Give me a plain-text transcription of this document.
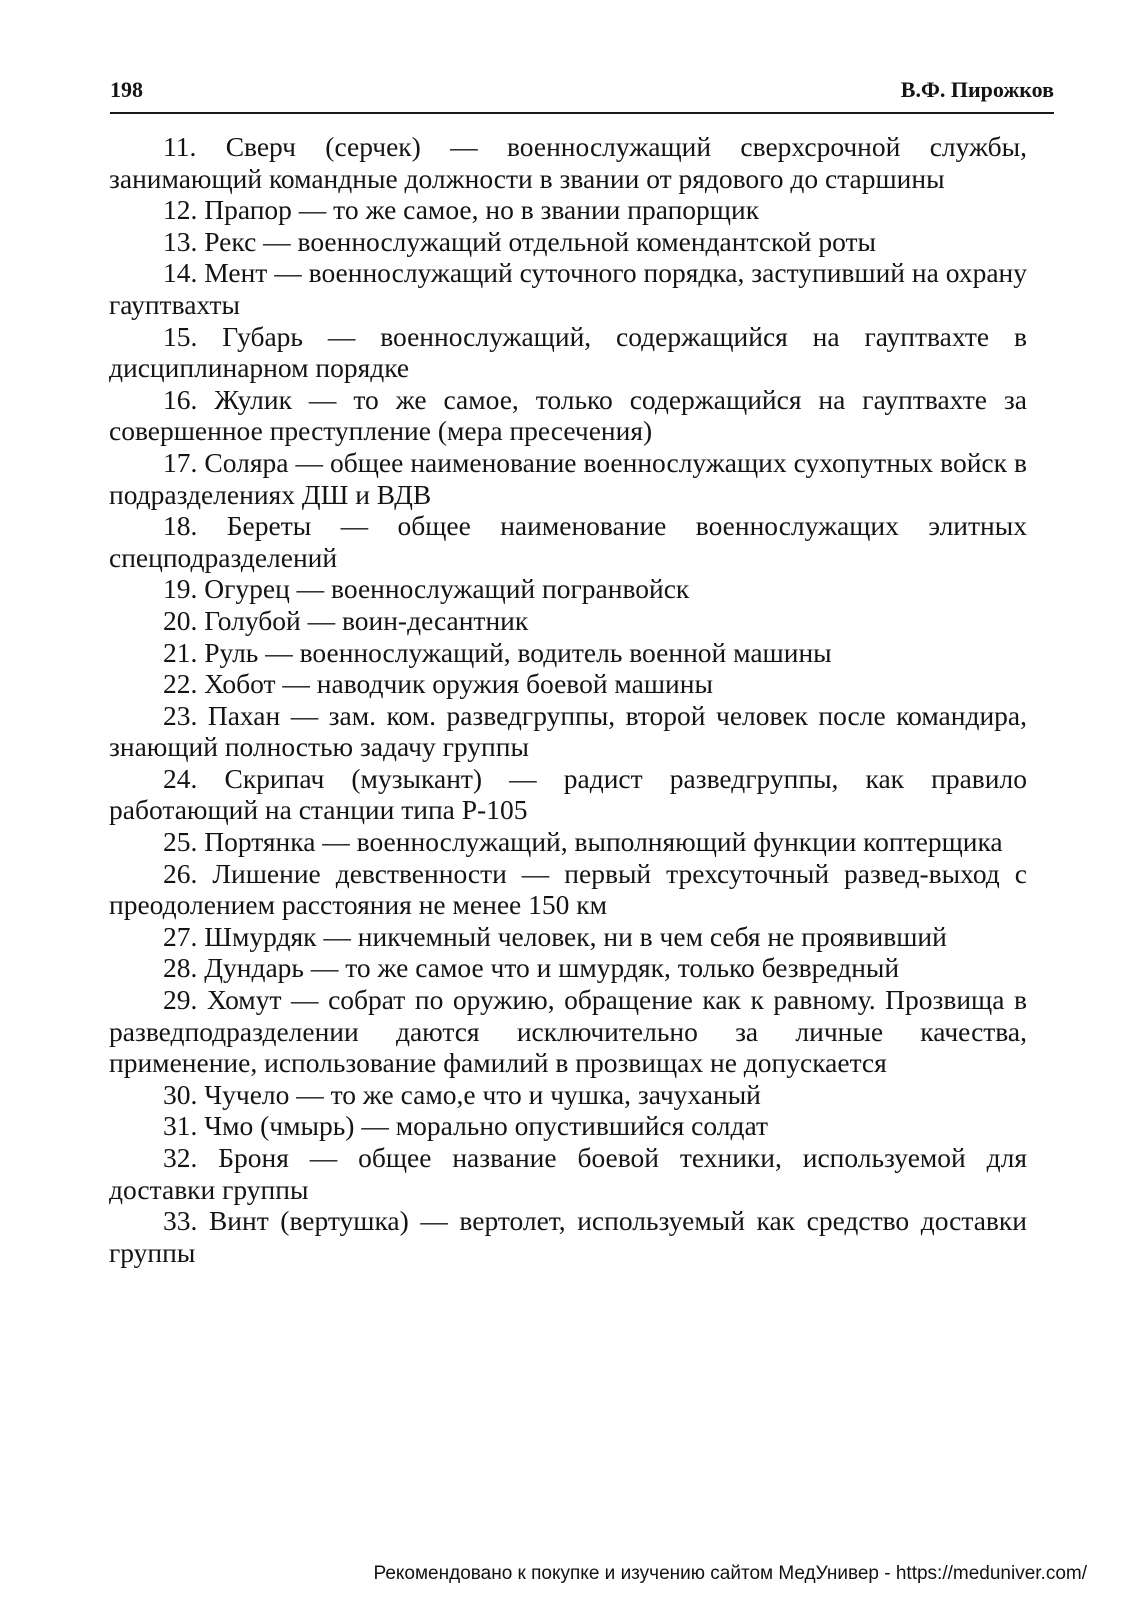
198	В.Ф. Пирожков

11. Сверч (серчек) — военнослужащий сверхсрочной службы, занимающий командные должности в звании от рядового до старшины

12. Прапор — то же самое, но в звании прапорщик

13. Рекс — военнослужащий отдельной комендантской роты

14. Мент — военнослужащий суточного порядка, заступивший на охрану гауптвахты

15. Губарь — военнослужащий, содержащийся на гауптвахте в дисциплинарном порядке

16. Жулик — то же самое, только содержащийся на гауптвахте за совершенное преступление (мера пресечения)

17. Соляра — общее наименование военнослужащих сухопутных войск в подразделениях ДШ и ВДВ

18. Береты — общее наименование военнослужащих элитных спецподразделений

19. Огурец — военнослужащий погранвойск

20. Голубой — воин-десантник

21. Руль — военнослужащий, водитель военной машины

22. Хобот — наводчик оружия боевой машины

23. Пахан — зам. ком. разведгруппы, второй человек после командира, знающий полностью задачу группы

24. Скрипач (музыкант) — радист разведгруппы, как правило работающий на станции типа Р-105

25. Портянка — военнослужащий, выполняющий функции коптерщика

26. Лишение девственности — первый трехсуточный развед-выход с преодолением расстояния не менее 150 км

27. Шмурдяк — никчемный человек, ни в чем себя не проявивший

28. Дундарь — то же самое что и шмурдяк, только безвредный

29. Хомут — собрат по оружию, обращение как к равному. Прозвища в разведподразделении даются исключительно за личные качества, применение, использование фамилий в прозвищах не допускается

30. Чучело — то же само,е что и чушка, зачуханый

31. Чмо (чмырь) — морально опустившийся солдат

32. Броня — общее название боевой техники, используемой для доставки группы

33. Винт (вертушка) — вертолет, используемый как средство доставки группы

Рекомендовано к покупке и изучению сайтом МедУнивер - https://meduniver.com/
